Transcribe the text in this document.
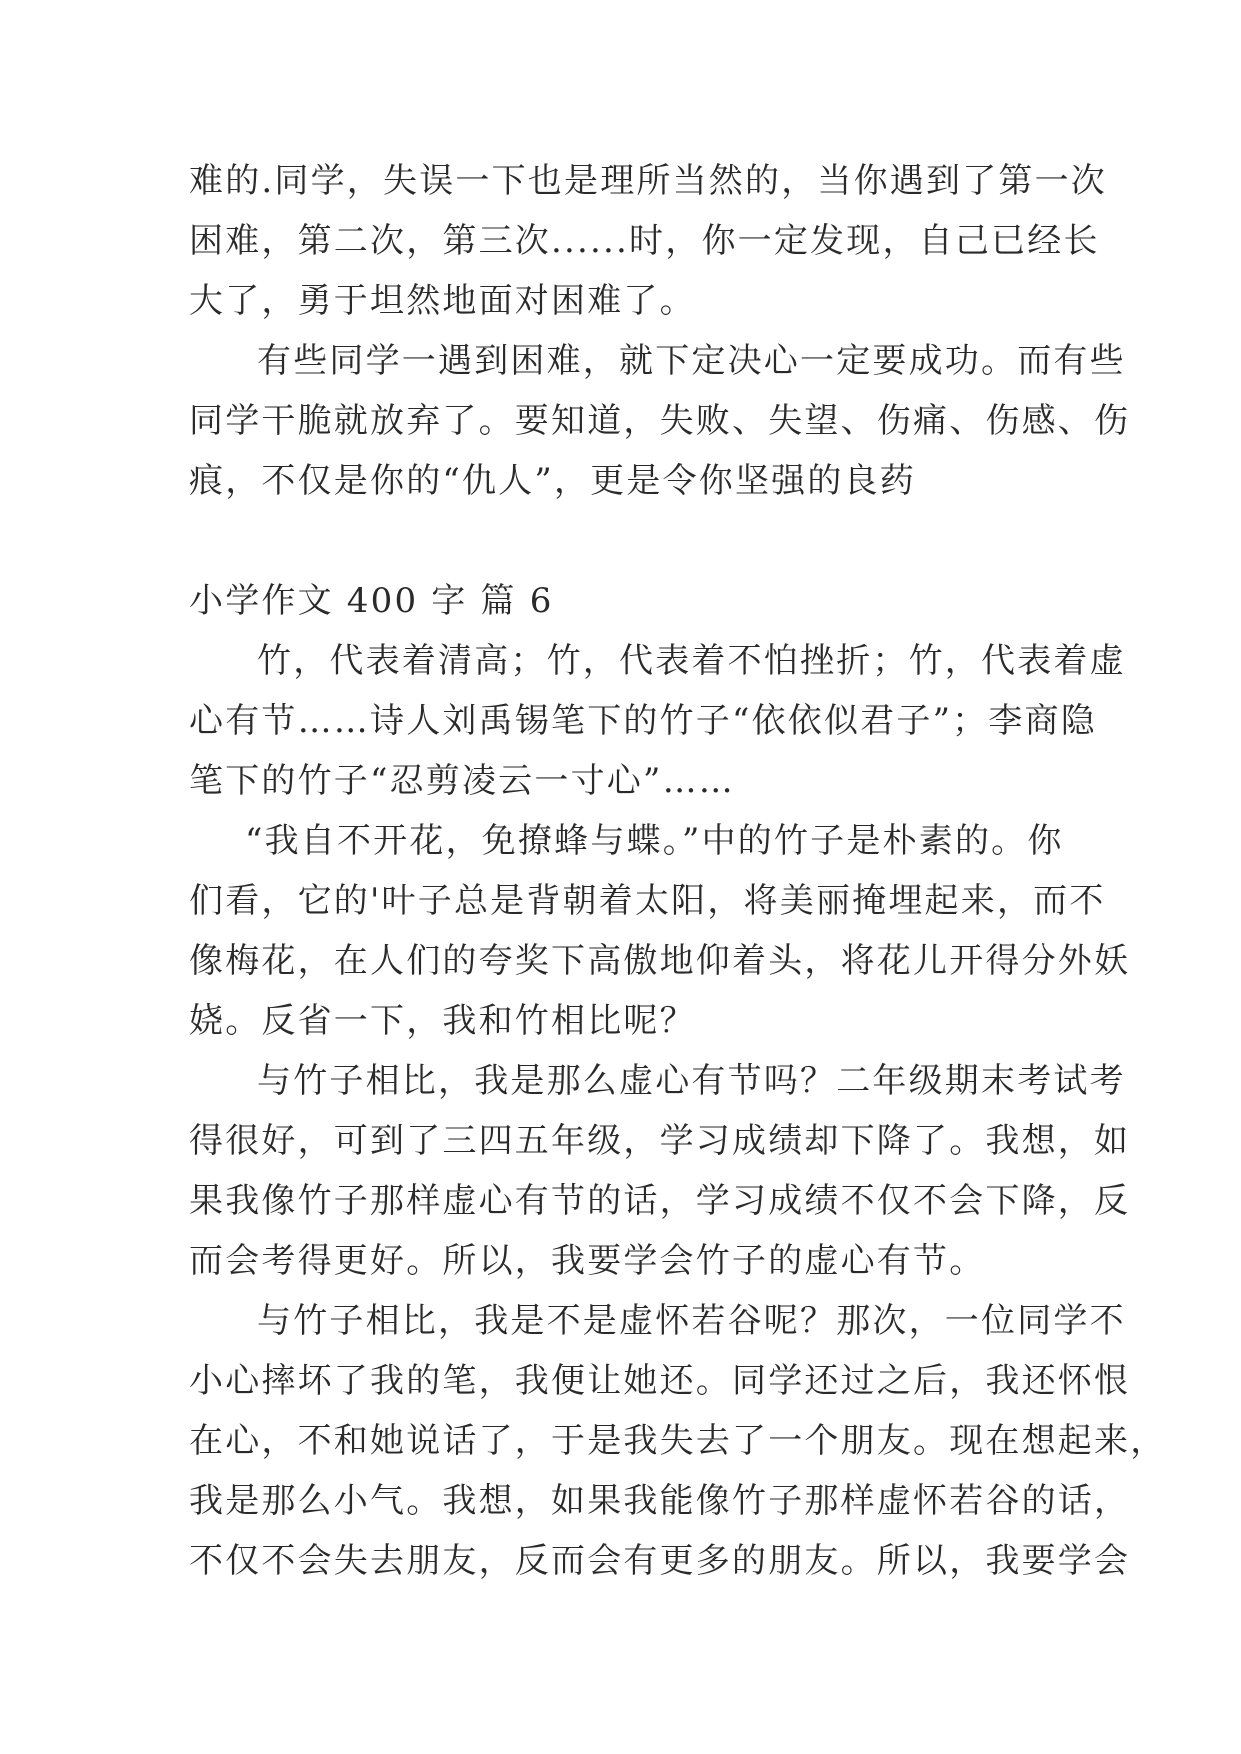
难的.同学，失误一下也是理所当然的，当你遇到了第一次
困难，第二次，第三次......时，你一定发现，自己已经长
大了，勇于坦然地面对困难了。

有些同学一遇到困难，就下定决心一定要成功。而有些
同学干脆就放弃了。要知道，失败、失望、伤痛、伤感、伤
痕，不仅是你的“仇人”，更是令你坚强的良药

小学作文 400 字 篇 6

竹，代表着清高；竹，代表着不怕挫折；竹，代表着虚
心有节……诗人刘禹锡笔下的竹子“依依似君子”；李商隐
笔下的竹子“忍剪凌云一寸心”……

“我自不开花，免撩蜂与蝶。”中的竹子是朴素的。你
们看，它的'叶子总是背朝着太阳，将美丽掩埋起来，而不
像梅花，在人们的夸奖下高傲地仰着头，将花儿开得分外妖
娆。反省一下，我和竹相比呢？

与竹子相比，我是那么虚心有节吗？二年级期末考试考
得很好，可到了三四五年级，学习成绩却下降了。我想，如
果我像竹子那样虚心有节的话，学习成绩不仅不会下降，反
而会考得更好。所以，我要学会竹子的虚心有节。

与竹子相比，我是不是虚怀若谷呢？那次，一位同学不
小心摔坏了我的笔，我便让她还。同学还过之后，我还怀恨
在心，不和她说话了，于是我失去了一个朋友。现在想起来，
我是那么小气。我想，如果我能像竹子那样虚怀若谷的话，
不仅不会失去朋友，反而会有更多的朋友。所以，我要学会
